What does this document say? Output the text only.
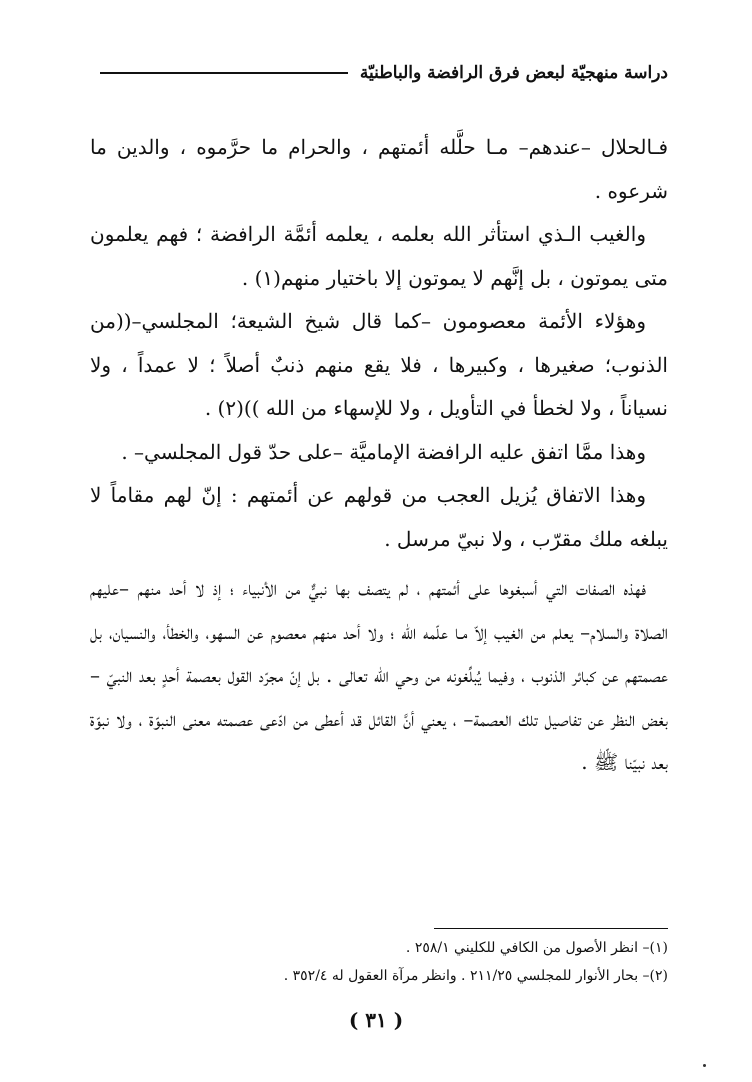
دراسة منهجيّة لبعض فرق الرافضة والباطنيّة

فـالحلال –عندهم– مـا حلَّله أئمتهم ، والحرام ما حرَّموه ، والدين ما شرعوه .

والغيب الـذي استأثر الله بعلمه ، يعلمه أئمَّة الرافضة ؛ فهم يعلمون متى يموتون ، بل إنَّهم لا يموتون إلا باختيار منهم(١) .

وهؤلاء الأئمة معصومون –كما قال شيخ الشيعة؛ المجلسي–((من الذنوب؛ صغيرها ، وكبيرها ، فلا يقع منهم ذنبٌ أصلاً ؛ لا عمداً ، ولا نسياناً ، ولا لخطأ في التأويل ، ولا للإسهاء من الله ))(٢) .

وهذا ممَّا اتفق عليه الرافضة الإماميَّة –على حدّ قول المجلسي– .

وهذا الاتفاق يُزيل العجب من قولهم عن أئمتهم : إنّ لهم مقاماً لا يبلغه ملك مقرّب ، ولا نبيّ مرسل .

فهذه الصفات التي أسبغوها على أئمتهم ، لم يتصف بها نبيٌّ من الأنبياء ؛ إذ لا أحد منهم –عليهم الصلاة والسلام– يعلم من الغيب إلاّ مـا علّمه الله ؛ ولا أحد منهم معصوم عن السهو، والخطأ، والنسيان، بل عصمتهم عن كبائر الذنوب ، وفيما يُبلِّغونه من وحي الله تعالى . بل إنّ مجرّد القول بعصمة أحدٍ بعد النبيّ –بغض النظر عن تفاصيل تلك العصمة– ، يعني أنَّ القائل قد أعطى من ادّعى عصمته معنى النبوّة ، ولا نبوّة بعد نبيّنا ﷺ .

(١)– انظر الأصول من الكافي للكليني ٢٥٨/١ .
(٢)– بحار الأنوار للمجلسي ٢١١/٢٥ . وانظر مرآة العقول له ٣٥٢/٤ .
( ٣١ )
